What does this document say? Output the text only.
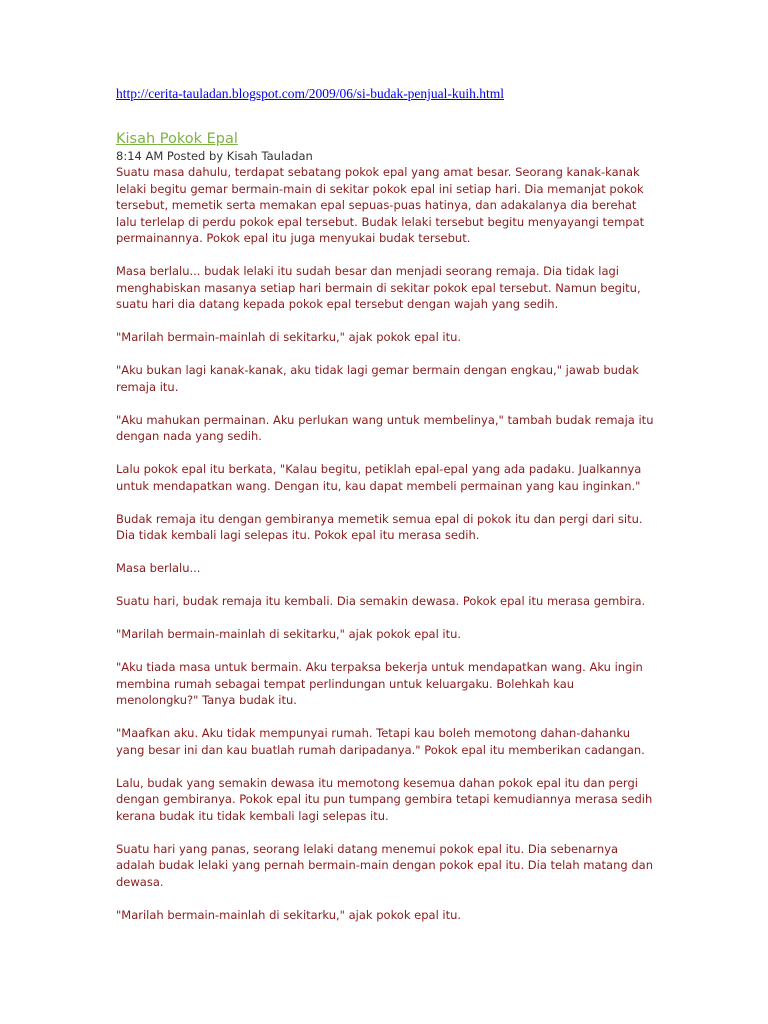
http://cerita-tauladan.blogspot.com/2009/06/si-budak-penjual-kuih.html
Kisah Pokok Epal
8:14 AM Posted by Kisah Tauladan

Suatu masa dahulu, terdapat sebatang pokok epal yang amat besar. Seorang kanak-kanak lelaki begitu gemar bermain-main di sekitar pokok epal ini setiap hari. Dia memanjat pokok tersebut, memetik serta memakan epal sepuas-puas hatinya, dan adakalanya dia berehat lalu terlelap di perdu pokok epal tersebut. Budak lelaki tersebut begitu menyayangi tempat permainannya. Pokok epal itu juga menyukai budak tersebut.

Masa berlalu... budak lelaki itu sudah besar dan menjadi seorang remaja. Dia tidak lagi menghabiskan masanya setiap hari bermain di sekitar pokok epal tersebut. Namun begitu, suatu hari dia datang kepada pokok epal tersebut dengan wajah yang sedih.

"Marilah bermain-mainlah di sekitarku," ajak pokok epal itu.

"Aku bukan lagi kanak-kanak, aku tidak lagi gemar bermain dengan engkau," jawab budak remaja itu.

"Aku mahukan permainan. Aku perlukan wang untuk membelinya," tambah budak remaja itu dengan nada yang sedih.

Lalu pokok epal itu berkata, "Kalau begitu, petiklah epal-epal yang ada padaku. Jualkannya untuk mendapatkan wang. Dengan itu, kau dapat membeli permainan yang kau inginkan."

Budak remaja itu dengan gembiranya memetik semua epal di pokok itu dan pergi dari situ. Dia tidak kembali lagi selepas itu. Pokok epal itu merasa sedih.

Masa berlalu...

Suatu hari, budak remaja itu kembali. Dia semakin dewasa. Pokok epal itu merasa gembira.

"Marilah bermain-mainlah di sekitarku," ajak pokok epal itu.

"Aku tiada masa untuk bermain. Aku terpaksa bekerja untuk mendapatkan wang. Aku ingin membina rumah sebagai tempat perlindungan untuk keluargaku. Bolehkah kau menolongku?" Tanya budak itu.

"Maafkan aku. Aku tidak mempunyai rumah. Tetapi kau boleh memotong dahan-dahanku yang besar ini dan kau buatlah rumah daripadanya." Pokok epal itu memberikan cadangan.

Lalu, budak yang semakin dewasa itu memotong kesemua dahan pokok epal itu dan pergi dengan gembiranya. Pokok epal itu pun tumpang gembira tetapi kemudiannya merasa sedih kerana budak itu tidak kembali lagi selepas itu.

Suatu hari yang panas, seorang lelaki datang menemui pokok epal itu. Dia sebenarnya adalah budak lelaki yang pernah bermain-main dengan pokok epal itu. Dia telah matang dan dewasa.

"Marilah bermain-mainlah di sekitarku," ajak pokok epal itu.
